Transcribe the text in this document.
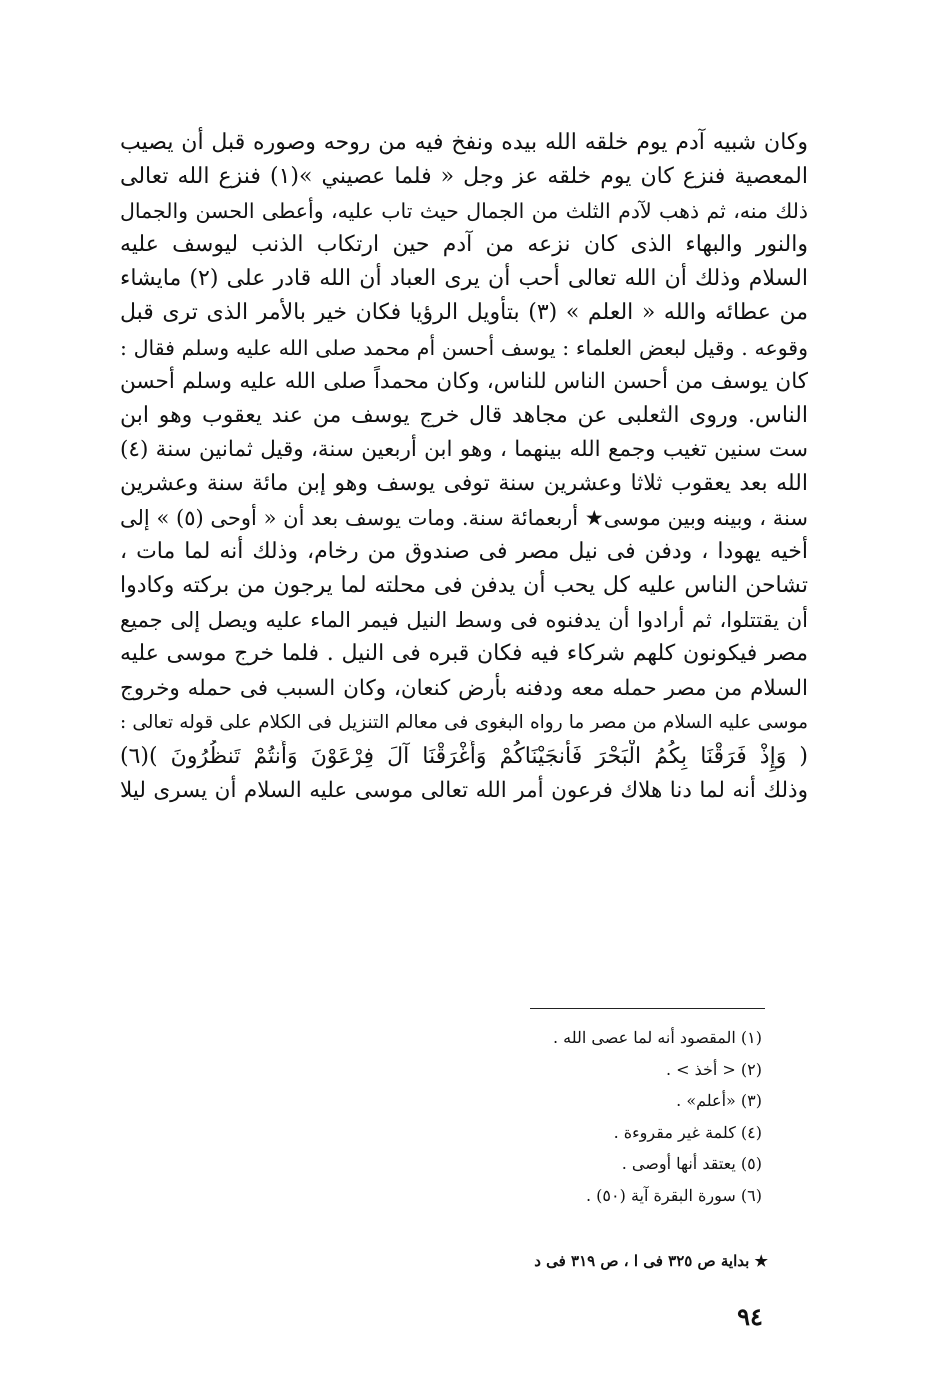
وكان شبيه آدم يوم خلقه الله بيده ونفخ فيه من روحه وصوره قبل أن يصيب
المعصية فنزع كان يوم خلقه عز وجل « فلما عصيني »(١) فنزع الله تعالى
ذلك منه، ثم ذهب لآدم الثلث من الجمال حيث تاب عليه، وأعطى الحسن والجمال
والنور والبهاء الذى كان نزعه من آدم حين ارتكاب الذنب ليوسف عليه
السلام وذلك أن الله تعالى أحب أن يرى العباد أن الله قادر على (٢) مايشاء
من عطائه والله « العلم » (٣) بتأويل الرؤيا فكان خير بالأمر الذى ترى قبل
وقوعه . وقيل لبعض العلماء : يوسف أحسن أم محمد صلى الله عليه وسلم فقال :
كان يوسف من أحسن الناس للناس، وكان محمداً صلى الله عليه وسلم أحسن
الناس. وروى الثعلبى عن مجاهد قال خرج يوسف من عند يعقوب وهو ابن
ست سنين تغيب وجمع الله بينهما ، وهو ابن أربعين سنة، وقيل ثمانين سنة (٤)
الله بعد يعقوب ثلاثا وعشرين سنة توفى يوسف وهو إبن مائة سنة وعشرين
سنة ، وبينه وبين موسى★ أربعمائة سنة. ومات يوسف بعد أن « أوحى (٥) » إلى
أخيه يهودا ، ودفن فى نيل مصر فى صندوق من رخام، وذلك أنه لما مات ،
تشاحن الناس عليه كل يحب أن يدفن فى محلته لما يرجون من بركته وكادوا
أن يقتتلوا، ثم أرادوا أن يدفنوه فى وسط النيل فيمر الماء عليه ويصل إلى جميع
مصر فيكونون كلهم شركاء فيه فكان قبره فى النيل . فلما خرج موسى عليه
السلام من مصر حمله معه ودفنه بأرض كنعان، وكان السبب فى حمله وخروج
موسى عليه السلام من مصر ما رواه البغوى فى معالم التنزيل فى الكلام على قوله تعالى :
( وَإِذْ فَرَقْنَا بِكُمُ الْبَحْرَ فَأَنجَيْنَاكُمْ وَأَغْرَقْنَا آلَ فِرْعَوْنَ وَأَنتُمْ تَنظُرُونَ )(٦)
وذلك أنه لما دنا هلاك فرعون أمر الله تعالى موسى عليه السلام أن يسرى ليلا
(١) المقصود أنه لما عصى الله .
(٢) < أخذ > .
(٣) «أعلم» .
(٤) كلمة غير مقروءة .
(٥) يعتقد أنها أوصى .
(٦) سورة البقرة آية (٥٠) .
★ بداية ص ٣٢٥ فى ا ، ص ٣١٩ فى د
٩٤
